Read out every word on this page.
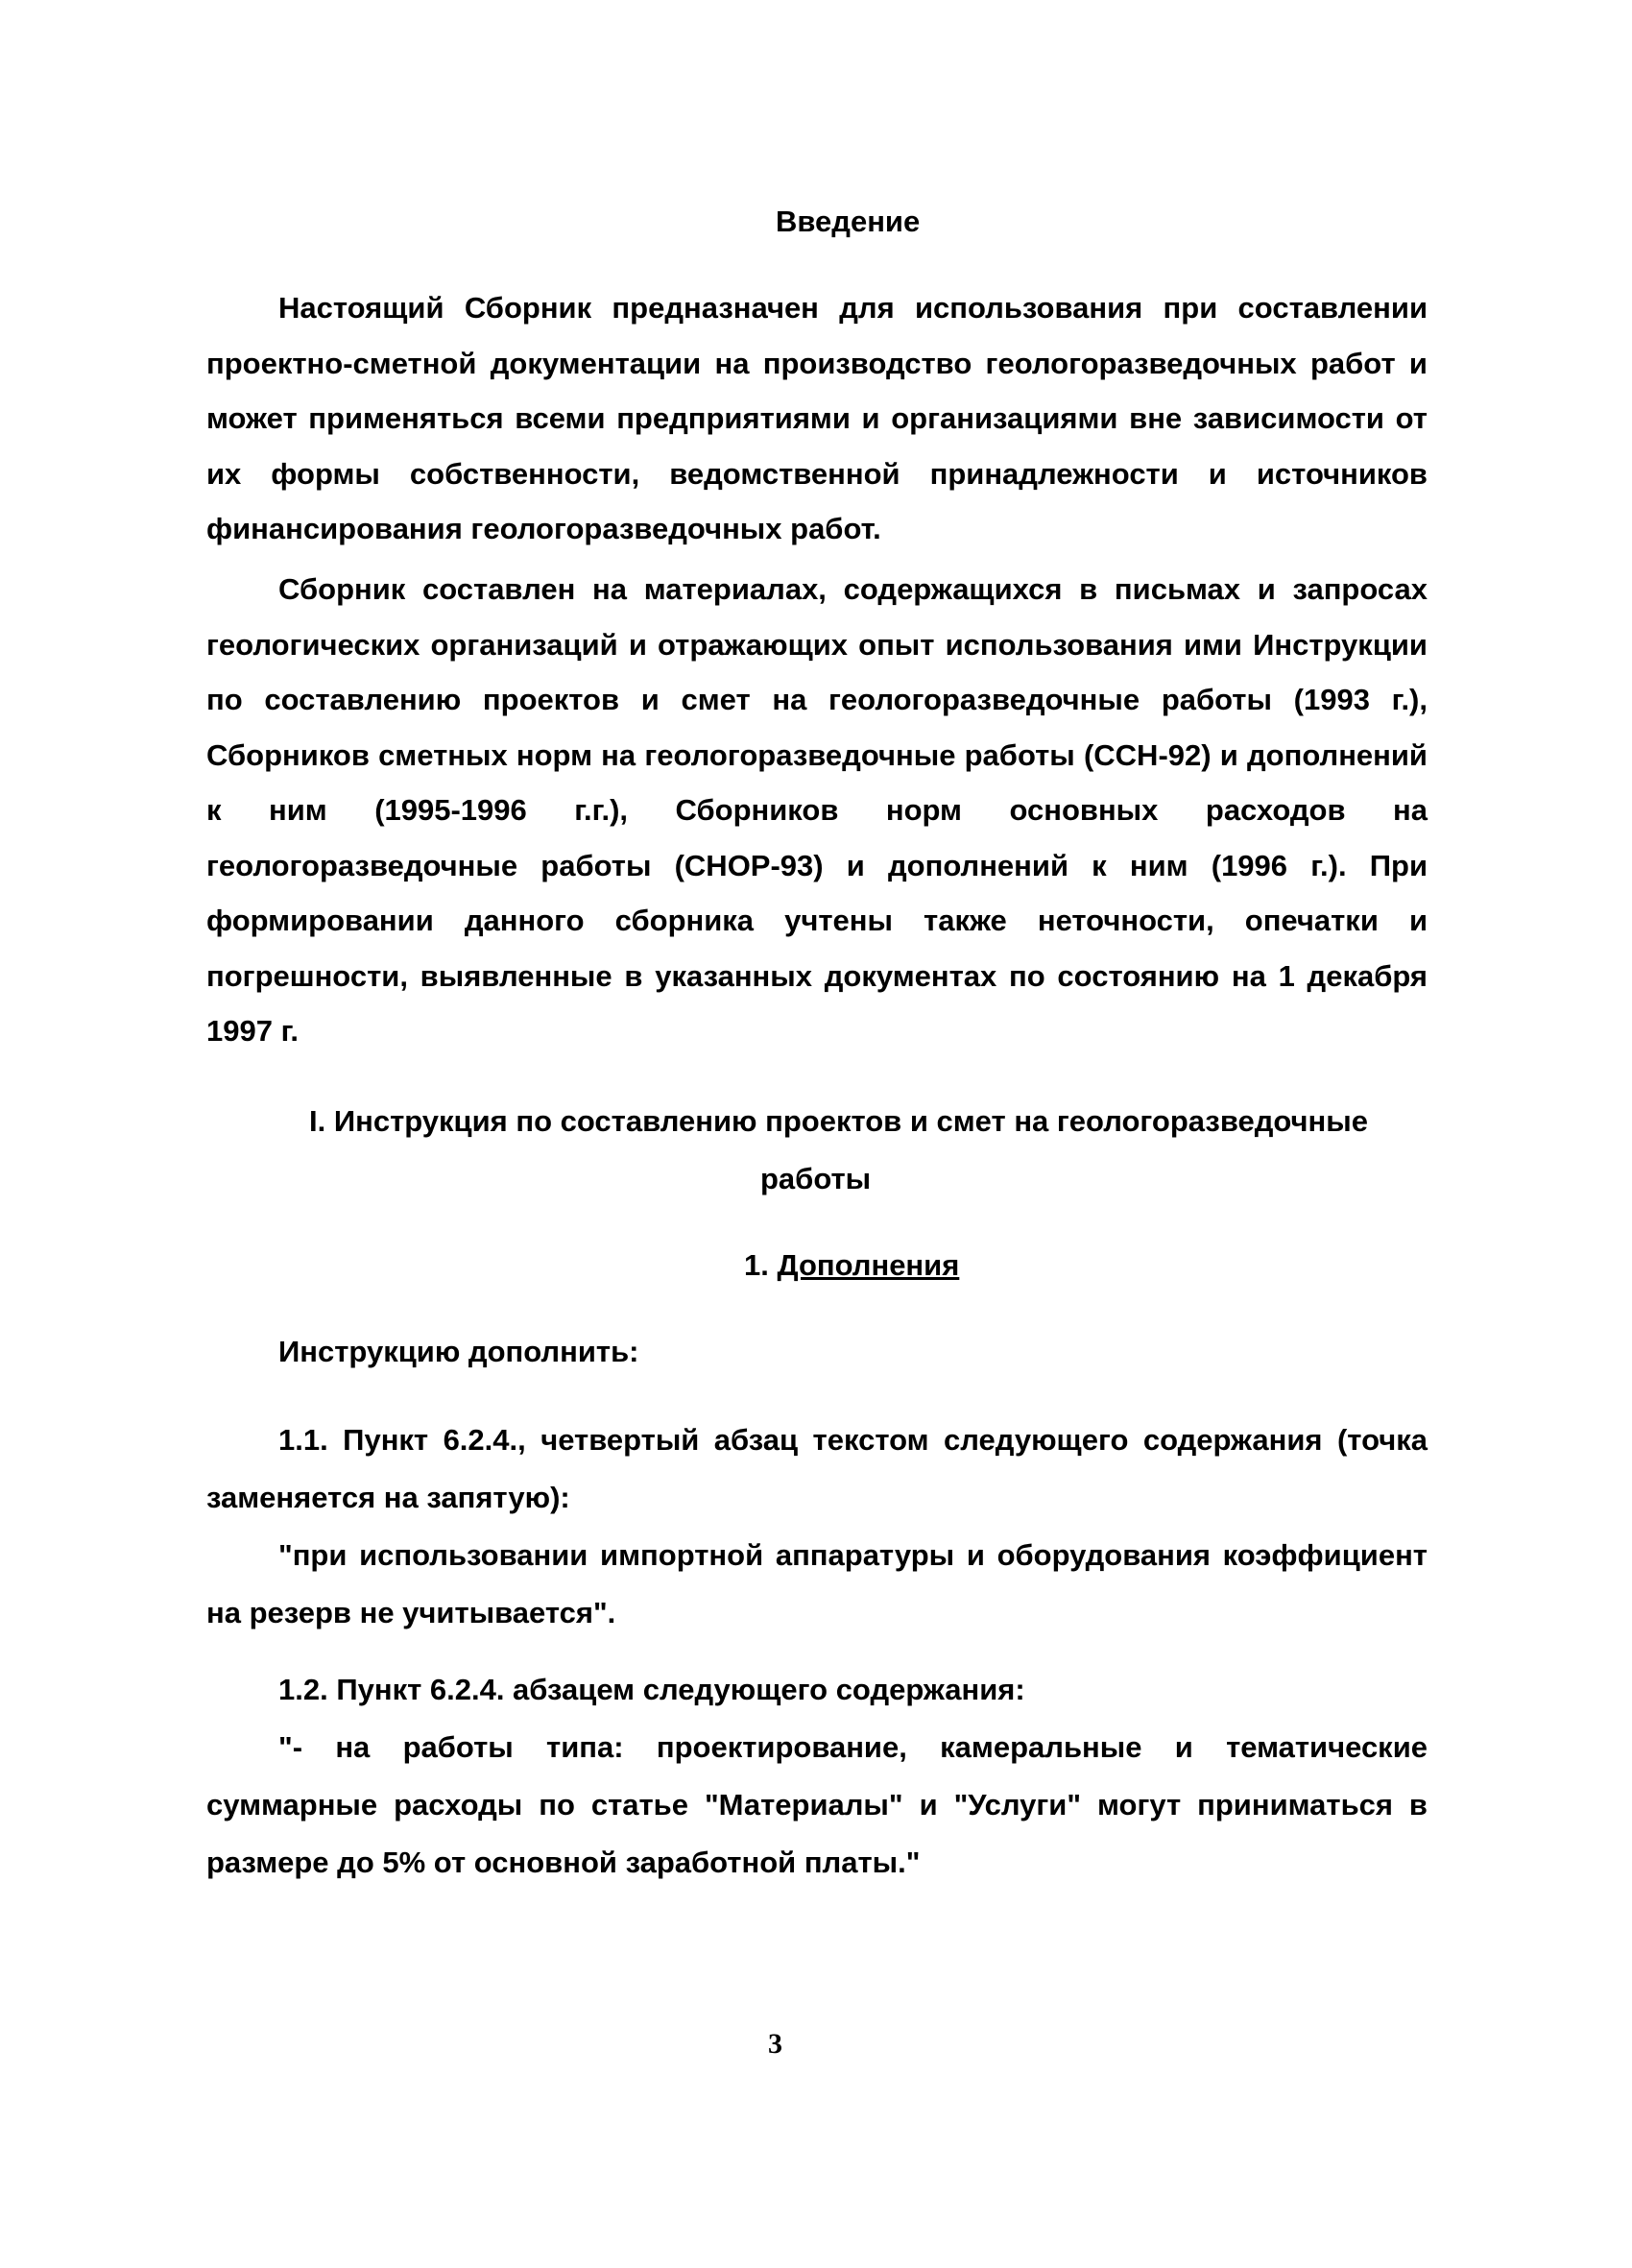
Введение
Настоящий Сборник предназначен для использования при составлении проектно-сметной документации на производство геологоразведочных работ и может применяться всеми предприятиями и организациями вне зависимости от их формы собственности, ведомственной принадлежности и источников финансирования геологоразведочных работ.
Сборник составлен на материалах, содержащихся в письмах и запросах геологических организаций и отражающих опыт использования ими Инструкции по составлению проектов и смет на геологоразведочные работы (1993 г.), Сборников сметных норм на геологоразведочные работы (ССН-92) и дополнений к ним (1995-1996 г.г.), Сборников норм основных расходов на геологоразведочные работы (СНОР-93) и дополнений к ним (1996 г.). При формировании данного сборника учтены также неточности, опечатки и погрешности, выявленные в указанных документах по состоянию на 1 декабря 1997 г.
I. Инструкция по составлению проектов и смет на геологоразведочные
работы
1. Дополнения
Инструкцию дополнить:
1.1. Пункт 6.2.4., четвертый абзац текстом следующего содержания (точка заменяется на запятую):
"при использовании импортной аппаратуры и оборудования коэффициент на резерв не учитывается".
1.2. Пункт 6.2.4. абзацем следующего содержания:
"- на работы типа: проектирование, камеральные и тематические суммарные расходы по статье "Материалы" и "Услуги" могут приниматься в размере до 5% от основной заработной платы."
3
